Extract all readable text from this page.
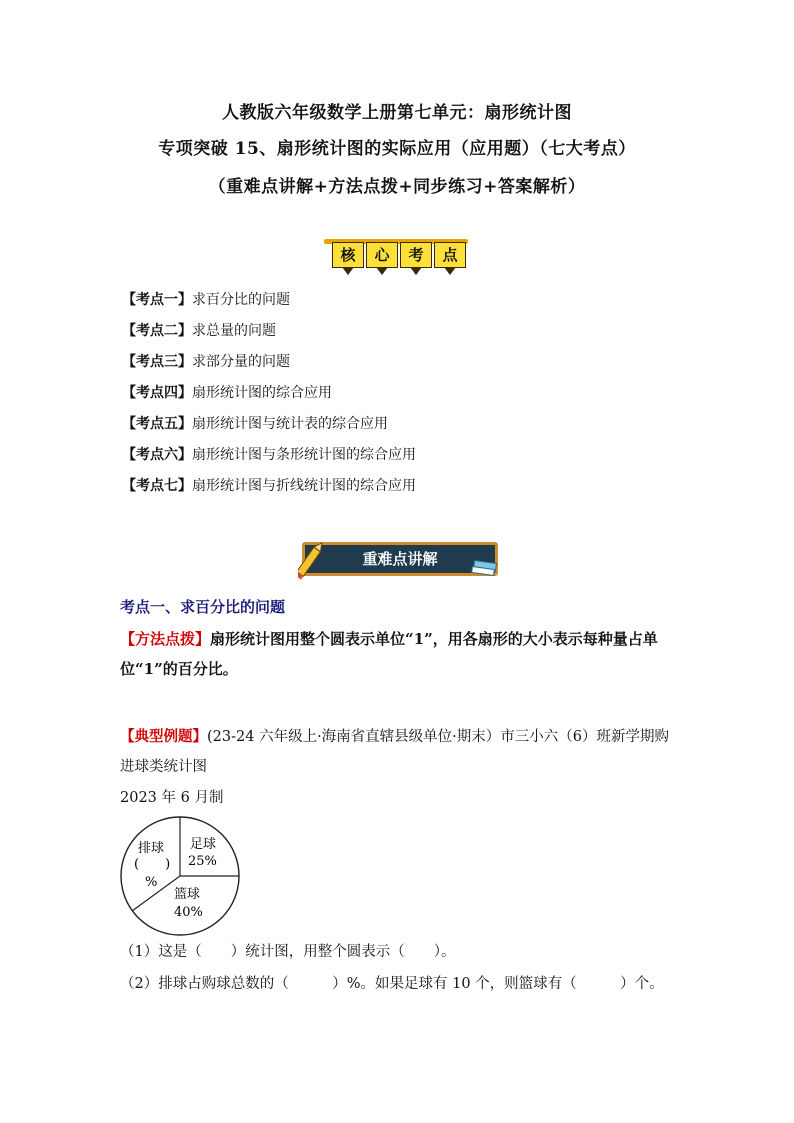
人教版六年级数学上册第七单元：扇形统计图
专项突破 15、扇形统计图的实际应用（应用题）（七大考点）
（重难点讲解+方法点拨+同步练习+答案解析）
核	心	考	点
【考点一】求百分比的问题
【考点二】求总量的问题
【考点三】求部分量的问题
【考点四】扇形统计图的综合应用
【考点五】扇形统计图与统计表的综合应用
【考点六】扇形统计图与条形统计图的综合应用
【考点七】扇形统计图与折线统计图的综合应用
重难点讲解
考点一、求百分比的问题
【方法点拨】扇形统计图用整个圆表示单位“1”，用各扇形的大小表示每种量占单位“1”的百分比。
【典型例题】(23-24 六年级上·海南省直辖县级单位·期末）市三小六（6）班新学期购进球类统计图
2023 年 6 月制
足球
25%
篮球
40%
排球
(　　)
%
（1）这是（　　）统计图，用整个圆表示（　　）。
（2）排球占购球总数的（　　　）%。如果足球有 10 个，则篮球有（　　　）个。
